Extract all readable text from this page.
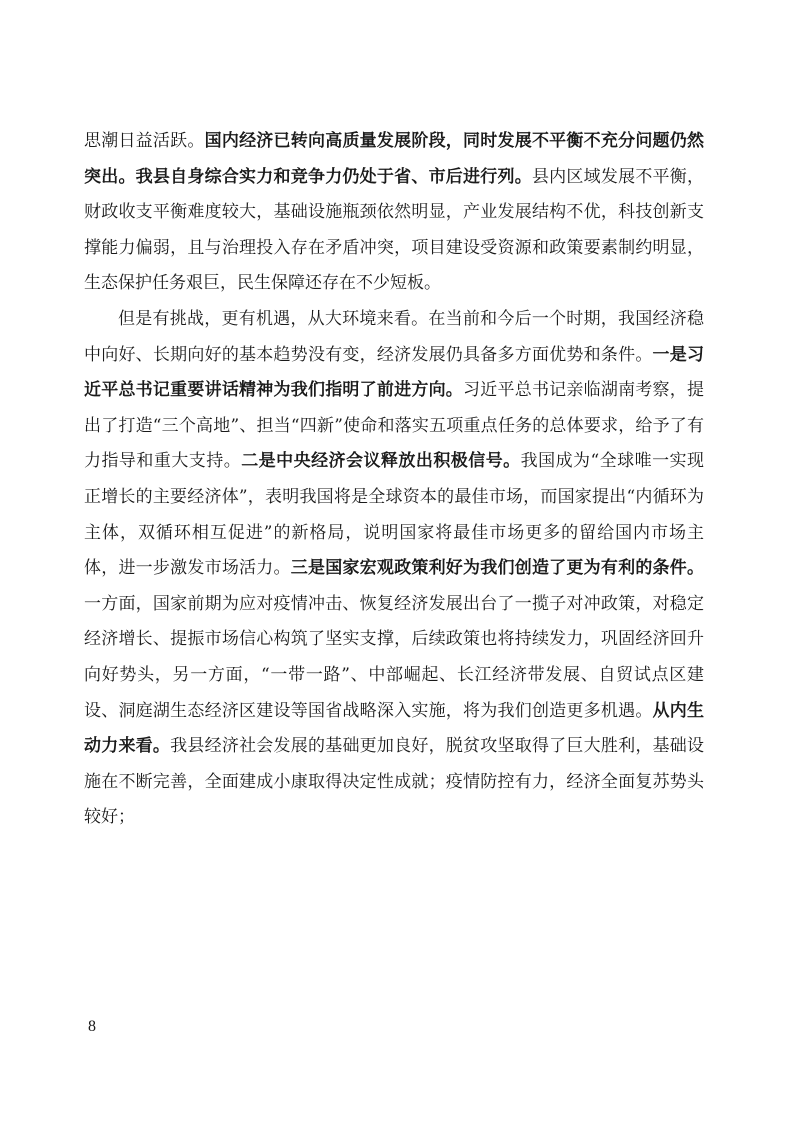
思潮日益活跃。国内经济已转向高质量发展阶段，同时发展不平衡不充分问题仍然突出。我县自身综合实力和竞争力仍处于省、市后进行列。县内区域发展不平衡，财政收支平衡难度较大，基础设施瓶颈依然明显，产业发展结构不优，科技创新支撑能力偏弱，且与治理投入存在矛盾冲突，项目建设受资源和政策要素制约明显，生态保护任务艰巨，民生保障还存在不少短板。

但是有挑战，更有机遇，从大环境来看。在当前和今后一个时期，我国经济稳中向好、长期向好的基本趋势没有变，经济发展仍具备多方面优势和条件。一是习近平总书记重要讲话精神为我们指明了前进方向。习近平总书记亲临湖南考察，提出了打造“三个高地”、担当“四新”使命和落实五项重点任务的总体要求，给予了有力指导和重大支持。二是中央经济会议释放出积极信号。我国成为“全球唯一实现正增长的主要经济体”，表明我国将是全球资本的最佳市场，而国家提出“内循环为主体，双循环相互促进”的新格局，说明国家将最佳市场更多的留给国内市场主体，进一步激发市场活力。三是国家宏观政策利好为我们创造了更为有利的条件。一方面，国家前期为应对疫情冲击、恢复经济发展出台了一揽子对冲政策，对稳定经济增长、提振市场信心构筑了坚实支撑，后续政策也将持续发力，巩固经济回升向好势头，另一方面，“一带一路”、中部崛起、长江经济带发展、自贸试点区建设、洞庭湖生态经济区建设等国省战略深入实施，将为我们创造更多机遇。从内生动力来看。我县经济社会发展的基础更加良好，脱贫攻坚取得了巨大胜利，基础设施在不断完善，全面建成小康取得决定性成就；疫情防控有力，经济全面复苏势头较好；

8
